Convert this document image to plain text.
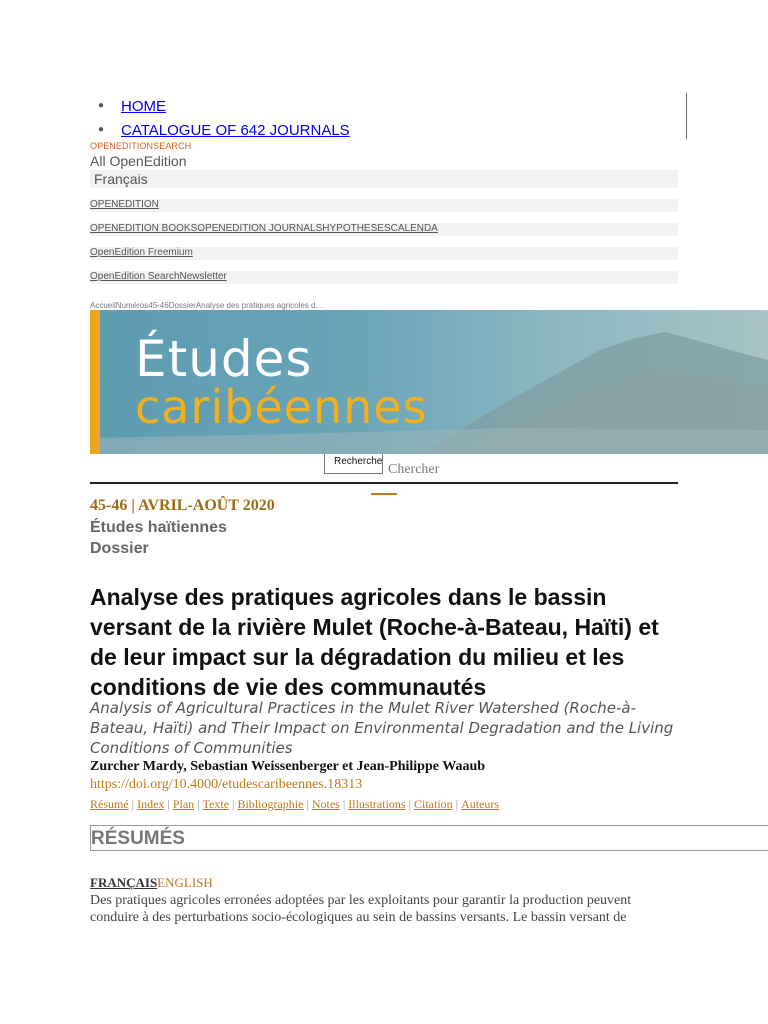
● HOME
● CATALOGUE OF 642 JOURNALS
OPENEDITIONSEARCH
All OpenEdition
Français
OPENEDITION
OPENEDITION BOOKSOPENEDITION JOURNALSHYPOTHESESCALENDA
OpenEdition Freemium
OpenEdition SearchNewsletter
AccueilNuméros45-46DossierAnalyse des pratiques agricoles d...
Études
caribéennes
Recherche
Chercher
45-46 | AVRIL-AOÛT 2020
Études haïtiennes
Dossier
Analyse des pratiques agricoles dans le bassin versant de la rivière Mulet (Roche-à-Bateau, Haïti) et de leur impact sur la dégradation du milieu et les conditions de vie des communautés

Analysis of Agricultural Practices in the Mulet River Watershed (Roche-à-Bateau, Haïti) and Their Impact on Environmental Degradation and the Living Conditions of Communities

Zurcher Mardy, Sebastian Weissenberger et Jean-Philippe Waaub
https://doi.org/10.4000/etudescaribeennes.18313
Résumé | Index | Plan | Texte | Bibliographie | Notes | Illustrations | Citation | Auteurs
RÉSUMÉS
FRANÇAISENGLISH

Des pratiques agricoles erronées adoptées par les exploitants pour garantir la production peuvent conduire à des perturbations socio-écologiques au sein de bassins versants. Le bassin versant de
